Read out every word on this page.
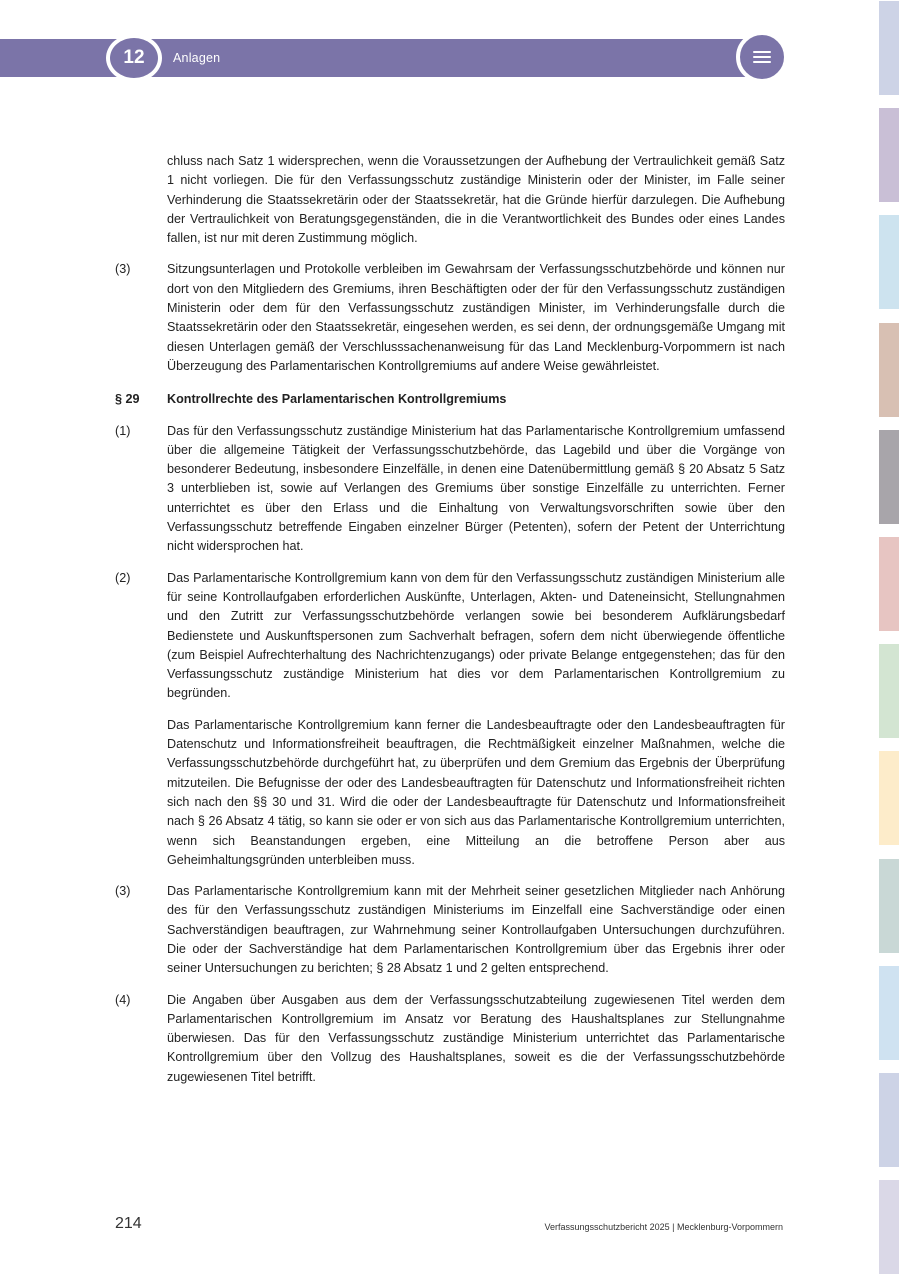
12	Anlagen
chluss nach Satz 1 widersprechen, wenn die Voraussetzungen der Aufhebung der Vertraulichkeit gemäß Satz 1 nicht vorliegen. Die für den Verfassungsschutz zuständige Ministerin oder der Minister, im Falle seiner Verhinderung die Staatssekretärin oder der Staatssekretär, hat die Gründe hierfür darzulegen. Die Aufhebung der Vertraulichkeit von Beratungsgegenständen, die in die Verantwortlichkeit des Bundes oder eines Landes fallen, ist nur mit deren Zustimmung möglich.
(3)	Sitzungsunterlagen und Protokolle verbleiben im Gewahrsam der Verfassungsschutzbehörde und können nur dort von den Mitgliedern des Gremiums, ihren Beschäftigten oder der für den Verfassungsschutz zuständigen Ministerin oder dem für den Verfassungsschutz zuständigen Minister, im Verhinderungsfalle durch die Staatssekretärin oder den Staatssekretär, eingesehen werden, es sei denn, der ordnungsgemäße Umgang mit diesen Unterlagen gemäß der Verschlusssachenanweisung für das Land Mecklenburg-Vorpommern ist nach Überzeugung des Parlamentarischen Kontrollgremiums auf andere Weise gewährleistet.
§ 29	Kontrollrechte des Parlamentarischen Kontrollgremiums
(1)	Das für den Verfassungsschutz zuständige Ministerium hat das Parlamentarische Kontrollgremium umfassend über die allgemeine Tätigkeit der Verfassungsschutzbehörde, das Lagebild und über die Vorgänge von besonderer Bedeutung, insbesondere Einzelfälle, in denen eine Datenübermittlung gemäß § 20 Absatz 5 Satz 3 unterblieben ist, sowie auf Verlangen des Gremiums über sonstige Einzelfälle zu unterrichten. Ferner unterrichtet es über den Erlass und die Einhaltung von Verwaltungsvorschriften sowie über den Verfassungsschutz betreffende Eingaben einzelner Bürger (Petenten), sofern der Petent der Unterrichtung nicht widersprochen hat.
(2)	Das Parlamentarische Kontrollgremium kann von dem für den Verfassungsschutz zuständigen Ministerium alle für seine Kontrollaufgaben erforderlichen Auskünfte, Unterlagen, Akten- und Dateneinsicht, Stellungnahmen und den Zutritt zur Verfassungsschutzbehörde verlangen sowie bei besonderem Aufklärungsbedarf Bedienstete und Auskunftspersonen zum Sachverhalt befragen, sofern dem nicht überwiegende öffentliche (zum Beispiel Aufrechterhaltung des Nachrichtenzugangs) oder private Belange entgegenstehen; das für den Verfassungsschutz zuständige Ministerium hat dies vor dem Parlamentarischen Kontrollgremium zu begründen.
Das Parlamentarische Kontrollgremium kann ferner die Landesbeauftragte oder den Landesbeauftragten für Datenschutz und Informationsfreiheit beauftragen, die Rechtmäßigkeit einzelner Maßnahmen, welche die Verfassungsschutzbehörde durchgeführt hat, zu überprüfen und dem Gremium das Ergebnis der Überprüfung mitzuteilen. Die Befugnisse der oder des Landesbeauftragten für Datenschutz und Informationsfreiheit richten sich nach den §§ 30 und 31. Wird die oder der Landesbeauftragte für Datenschutz und Informationsfreiheit nach § 26 Absatz 4 tätig, so kann sie oder er von sich aus das Parlamentarische Kontrollgremium unterrichten, wenn sich Beanstandungen ergeben, eine Mitteilung an die betroffene Person aber aus Geheimhaltungsgründen unterbleiben muss.
(3)	Das Parlamentarische Kontrollgremium kann mit der Mehrheit seiner gesetzlichen Mitglieder nach Anhörung des für den Verfassungsschutz zuständigen Ministeriums im Einzelfall eine Sachverständige oder einen Sachverständigen beauftragen, zur Wahrnehmung seiner Kontrollaufgaben Untersuchungen durchzuführen. Die oder der Sachverständige hat dem Parlamentarischen Kontrollgremium über das Ergebnis ihrer oder seiner Untersuchungen zu berichten; § 28 Absatz 1 und 2 gelten entsprechend.
(4)	Die Angaben über Ausgaben aus dem der Verfassungsschutzabteilung zugewiesenen Titel werden dem Parlamentarischen Kontrollgremium im Ansatz vor Beratung des Haushaltsplanes zur Stellungnahme überwiesen. Das für den Verfassungsschutz zuständige Ministerium unterrichtet das Parlamentarische Kontrollgremium über den Vollzug des Haushaltsplanes, soweit es die der Verfassungsschutzbehörde zugewiesenen Titel betrifft.
214	Verfassungsschutzbericht 2025 | Mecklenburg-Vorpommern
